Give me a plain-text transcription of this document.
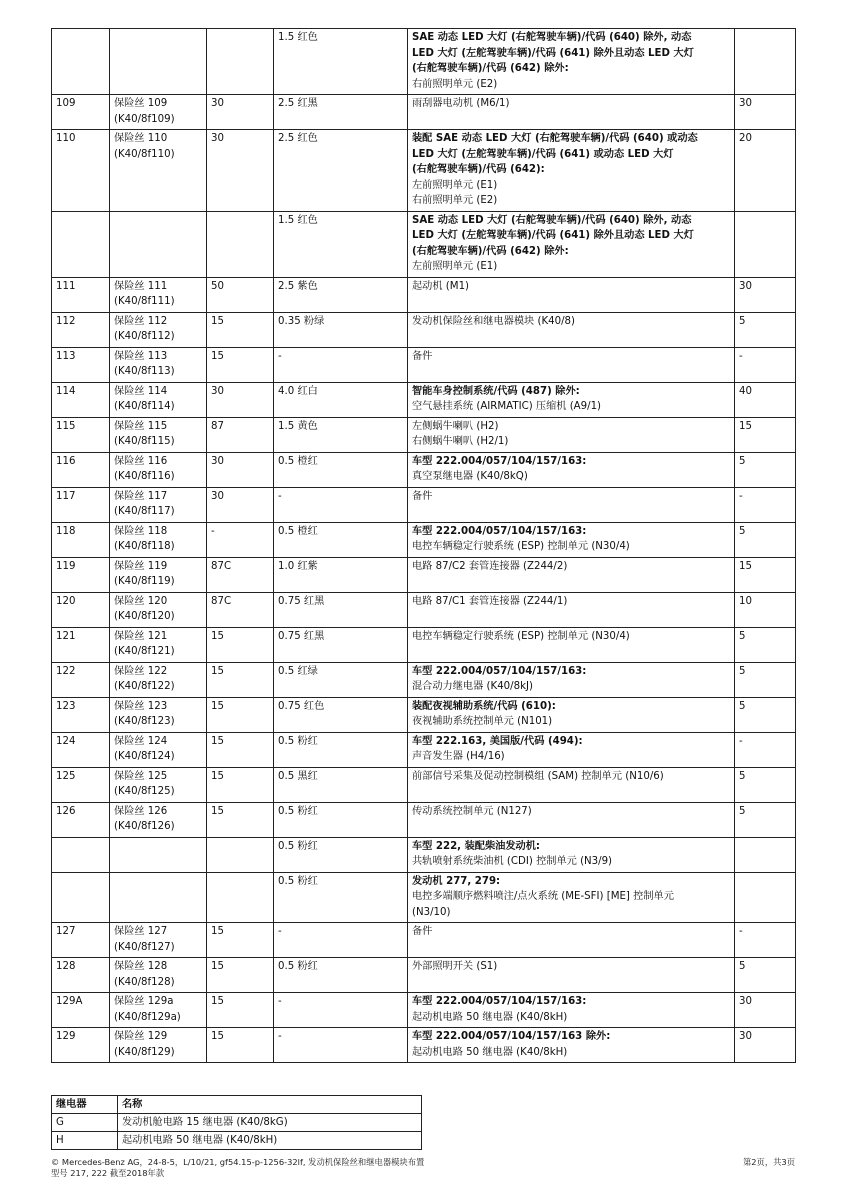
			1.5 红色	SAE 动态 LED 大灯 (右舵驾驶车辆)/代码 (640) 除外, 动态
LED 大灯 (左舵驾驶车辆)/代码 (641) 除外且动态 LED 大灯
(右舵驾驶车辆)/代码 (642) 除外:
右前照明单元 (E2)	

109	保险丝 109
(K40/8f109)	30	2.5 红黑	雨刮器电动机 (M6/1)	30
110	保险丝 110
(K40/8f110)	30	2.5 红色	装配 SAE 动态 LED 大灯 (右舵驾驶车辆)/代码 (640) 或动态
LED 大灯 (左舵驾驶车辆)/代码 (641) 或动态 LED 大灯
(右舵驾驶车辆)/代码 (642):
左前照明单元 (E1)
右前照明单元 (E2)	20
			1.5 红色	SAE 动态 LED 大灯 (右舵驾驶车辆)/代码 (640) 除外, 动态
LED 大灯 (左舵驾驶车辆)/代码 (641) 除外且动态 LED 大灯
(右舵驾驶车辆)/代码 (642) 除外:
左前照明单元 (E1)	

111	保险丝 111
(K40/8f111)	50	2.5 紫色	起动机 (M1)	30
112	保险丝 112
(K40/8f112)	15	0.35 粉绿	发动机保险丝和继电器模块 (K40/8)	5
113	保险丝 113
(K40/8f113)	15	-	备件	-
114	保险丝 114
(K40/8f114)	30	4.0 红白	智能车身控制系统/代码 (487) 除外:
空气悬挂系统 (AIRMATIC) 压缩机 (A9/1)	40
115	保险丝 115
(K40/8f115)	87	1.5 黄色	左侧蜗牛喇叭 (H2)
右侧蜗牛喇叭 (H2/1)	15
116	保险丝 116
(K40/8f116)	30	0.5 橙红	车型 222.004/057/104/157/163:
真空泵继电器 (K40/8kQ)	5
117	保险丝 117
(K40/8f117)	30	-	备件	-
118	保险丝 118
(K40/8f118)	-	0.5 橙红	车型 222.004/057/104/157/163:
电控车辆稳定行驶系统 (ESP) 控制单元 (N30/4)	5
119	保险丝 119
(K40/8f119)	87C	1.0 红紫	电路 87/C2 套管连接器 (Z244/2)	15
120	保险丝 120
(K40/8f120)	87C	0.75 红黑	电路 87/C1 套管连接器 (Z244/1)	10
121	保险丝 121
(K40/8f121)	15	0.75 红黑	电控车辆稳定行驶系统 (ESP) 控制单元 (N30/4)	5
122	保险丝 122
(K40/8f122)	15	0.5 红绿	车型 222.004/057/104/157/163:
混合动力继电器 (K40/8kJ)	5
123	保险丝 123
(K40/8f123)	15	0.75 红色	装配夜视辅助系统/代码 (610):
夜视辅助系统控制单元 (N101)	5
124	保险丝 124
(K40/8f124)	15	0.5 粉红	车型 222.163, 美国版/代码 (494):
声音发生器 (H4/16)	-
125	保险丝 125
(K40/8f125)	15	0.5 黑红	前部信号采集及促动控制模组 (SAM) 控制单元 (N10/6)	5
126	保险丝 126
(K40/8f126)	15	0.5 粉红	传动系统控制单元 (N127)	5
			0.5 粉红	车型 222, 装配柴油发动机:
共轨喷射系统柴油机 (CDI) 控制单元 (N3/9)	

			0.5 粉红	发动机 277, 279:
电控多端顺序燃料喷注/点火系统 (ME-SFI) [ME] 控制单元
(N3/10)	

127	保险丝 127
(K40/8f127)	15	-	备件	-
128	保险丝 128
(K40/8f128)	15	0.5 粉红	外部照明开关 (S1)	5
129A	保险丝 129a
(K40/8f129a)	15	-	车型 222.004/057/104/157/163:
起动机电路 50 继电器 (K40/8kH)	30
129	保险丝 129
(K40/8f129)	15	-	车型 222.004/057/104/157/163 除外:
起动机电路 50 继电器 (K40/8kH)	30
继电器	名称
G	发动机舱电路 15 继电器 (K40/8kG)
H	起动机电路 50 继电器 (K40/8kH)
© Mercedes-Benz AG，24-8-5，L/10/21, gf54.15-p-1256-32lf, 发动机保险丝和继电器模块布置
型号 217, 222 截至2018年款
第2页，共3页
